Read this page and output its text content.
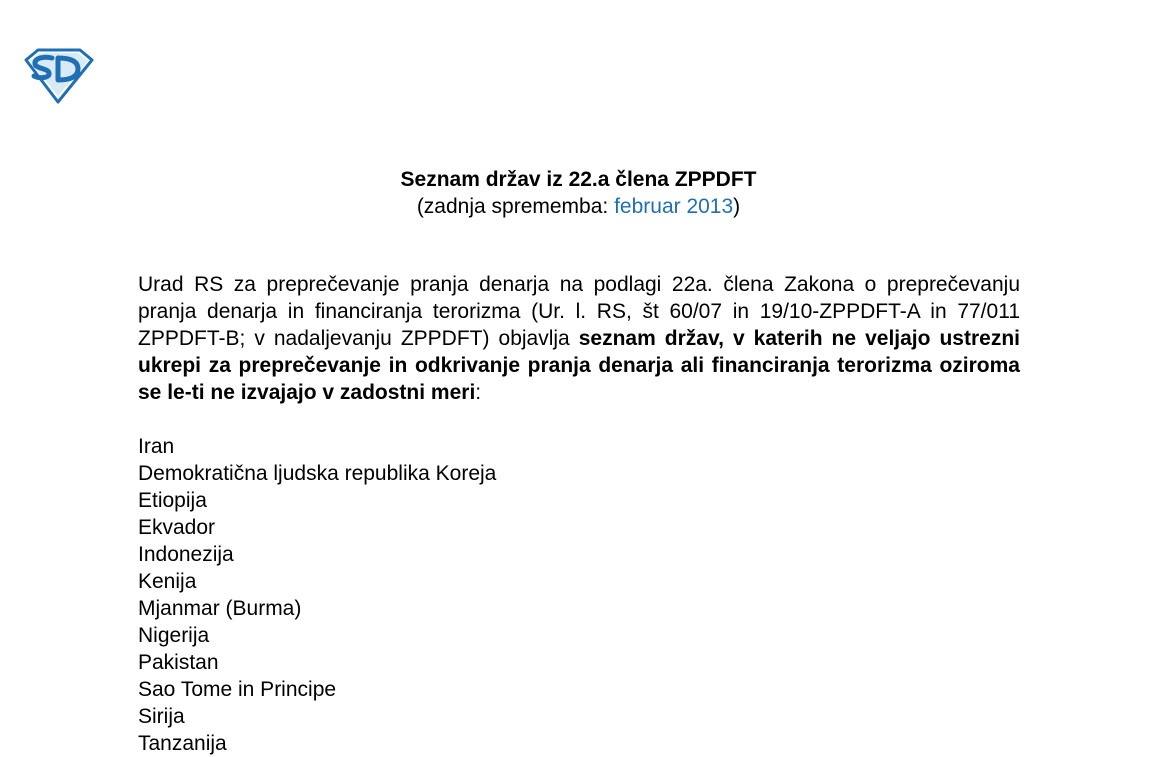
Seznam držav iz 22.a člena ZPPDFT
(zadnja sprememba: februar 2013)
Urad RS za preprečevanje pranja denarja na podlagi 22a. člena Zakona o preprečevanju pranja denarja in financiranja terorizma (Ur. l. RS, št 60/07 in 19/10-ZPPDFT-A in 77/011 ZPPDFT-B; v nadaljevanju ZPPDFT) objavlja seznam držav, v katerih ne veljajo ustrezni ukrepi za preprečevanje in odkrivanje pranja denarja ali financiranja terorizma oziroma se le-ti ne izvajajo v zadostni meri:
Iran
Demokratična ljudska republika Koreja
Etiopija
Ekvador
Indonezija
Kenija
Mjanmar (Burma)
Nigerija
Pakistan
Sao Tome in Principe
Sirija
Tanzanija
